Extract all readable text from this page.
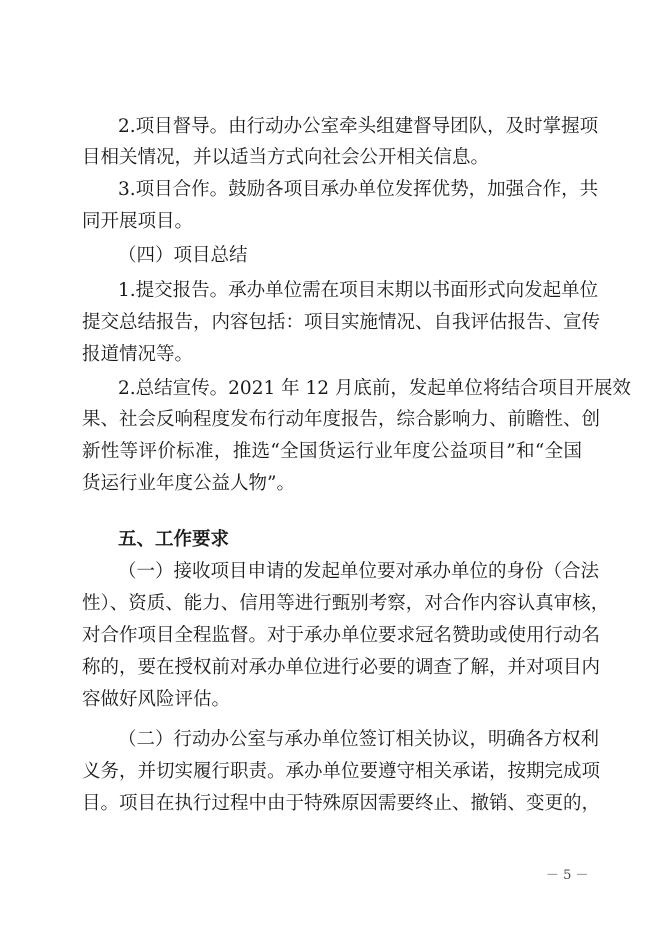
2.项目督导。由行动办公室牵头组建督导团队，及时掌握项
目相关情况，并以适当方式向社会公开相关信息。
3.项目合作。鼓励各项目承办单位发挥优势，加强合作，共
同开展项目。
（四）项目总结
1.提交报告。承办单位需在项目末期以书面形式向发起单位
提交总结报告，内容包括：项目实施情况、自我评估报告、宣传
报道情况等。
2.总结宣传。2021 年 12 月底前，发起单位将结合项目开展效
果、社会反响程度发布行动年度报告，综合影响力、前瞻性、创
新性等评价标准，推选“全国货运行业年度公益项目”和“全国
货运行业年度公益人物”。
五、工作要求
（一）接收项目申请的发起单位要对承办单位的身份（合法
性）、资质、能力、信用等进行甄别考察，对合作内容认真审核，
对合作项目全程监督。对于承办单位要求冠名赞助或使用行动名
称的，要在授权前对承办单位进行必要的调查了解，并对项目内
容做好风险评估。
（二）行动办公室与承办单位签订相关协议，明确各方权利
义务，并切实履行职责。承办单位要遵守相关承诺，按期完成项
目。项目在执行过程中由于特殊原因需要终止、撤销、变更的，
－ 5 －
